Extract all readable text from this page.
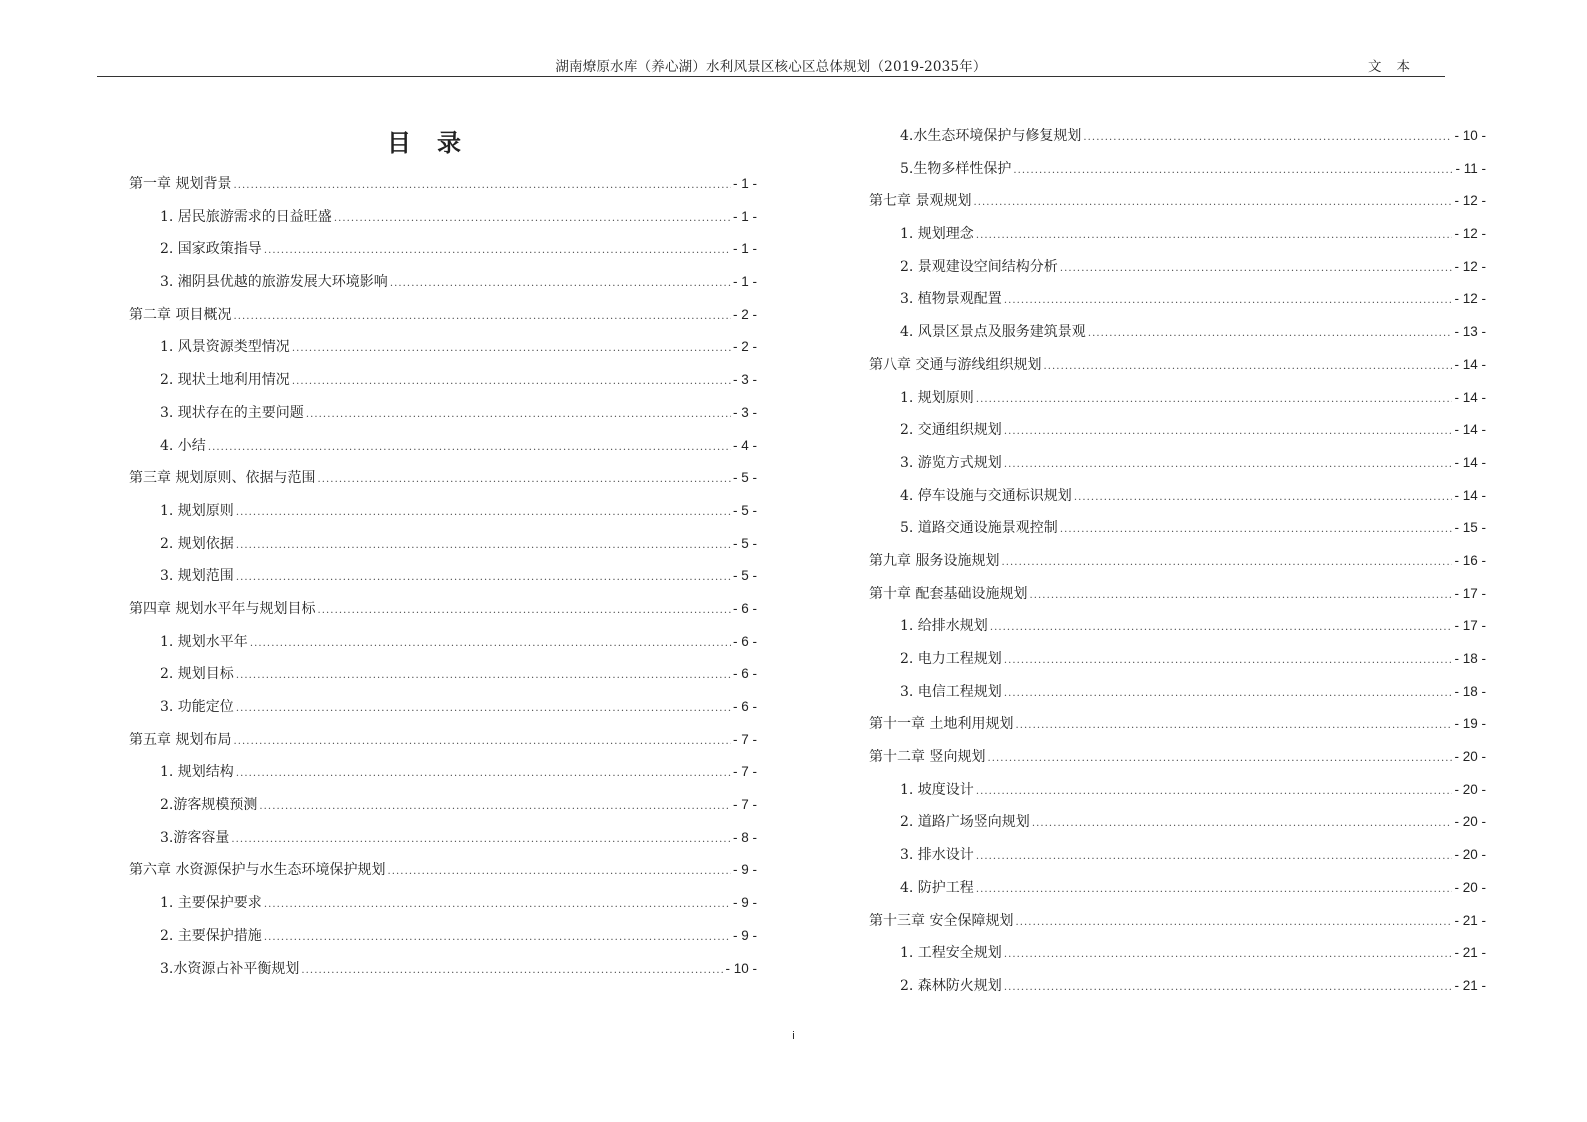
湖南燎原水库（养心湖）水利风景区核心区总体规划（2019-2035年）	文本
目录
第一章 规划背景 .....	- 1 -
1. 居民旅游需求的日益旺盛 .....	- 1 -
2. 国家政策指导 .....	- 1 -
3. 湘阴县优越的旅游发展大环境影响 .....	- 1 -
第二章 项目概况 .....	- 2 -
1. 风景资源类型情况 .....	- 2 -
2. 现状土地利用情况 .....	- 3 -
3. 现状存在的主要问题 .....	- 3 -
4. 小结 .....	- 4 -
第三章 规划原则、依据与范围 .....	- 5 -
1. 规划原则 .....	- 5 -
2. 规划依据 .....	- 5 -
3. 规划范围 .....	- 5 -
第四章 规划水平年与规划目标 .....	- 6 -
1. 规划水平年 .....	- 6 -
2. 规划目标 .....	- 6 -
3. 功能定位 .....	- 6 -
第五章 规划布局 .....	- 7 -
1. 规划结构 .....	- 7 -
2.游客规模预测 .....	- 7 -
3.游客容量 .....	- 8 -
第六章 水资源保护与水生态环境保护规划 .....	- 9 -
1. 主要保护要求 .....	- 9 -
2. 主要保护措施 .....	- 9 -
3.水资源占补平衡规划 .....	- 10 -
4.水生态环境保护与修复规划 .....	- 10 -
5.生物多样性保护 .....	- 11 -
第七章 景观规划 .....	- 12 -
1. 规划理念 .....	- 12 -
2. 景观建设空间结构分析 .....	- 12 -
3. 植物景观配置 .....	- 12 -
4. 风景区景点及服务建筑景观 .....	- 13 -
第八章 交通与游线组织规划 .....	- 14 -
1. 规划原则 .....	- 14 -
2. 交通组织规划 .....	- 14 -
3. 游览方式规划 .....	- 14 -
4. 停车设施与交通标识规划 .....	- 14 -
5. 道路交通设施景观控制 .....	- 15 -
第九章 服务设施规划 .....	- 16 -
第十章 配套基础设施规划 .....	- 17 -
1. 给排水规划 .....	- 17 -
2. 电力工程规划 .....	- 18 -
3. 电信工程规划 .....	- 18 -
第十一章 土地利用规划 .....	- 19 -
第十二章 竖向规划 .....	- 20 -
1. 坡度设计 .....	- 20 -
2. 道路广场竖向规划 .....	- 20 -
3. 排水设计 .....	- 20 -
4. 防护工程 .....	- 20 -
第十三章 安全保障规划 .....	- 21 -
1. 工程安全规划 .....	- 21 -
2. 森林防火规划 .....	- 21 -
i
